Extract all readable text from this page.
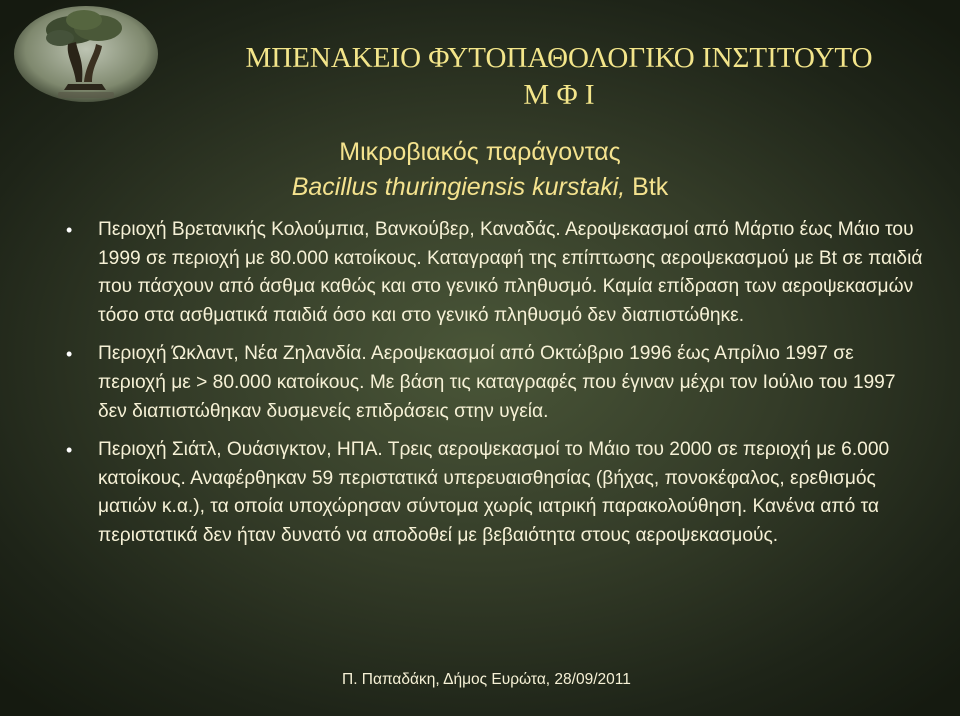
ΜΠΕΝΑΚΕΙΟ ΦΥΤΟΠΑΘΟΛΟΓΙΚΟ ΙΝΣΤΙΤΟΥΤΟ
Μ Φ Ι
Μικροβιακός παράγοντας
Bacillus thuringiensis kurstaki, Btk
• Περιοχή Βρετανικής Κολούμπια, Βανκούβερ, Καναδάς. Αεροψεκασμοί από Μάρτιο έως Μάιο του 1999 σε περιοχή με 80.000 κατοίκους. Καταγραφή της επίπτωσης αεροψεκασμού με Bt σε παιδιά που πάσχουν από άσθμα καθώς και στο γενικό πληθυσμό. Καμία επίδραση των αεροψεκασμών τόσο στα ασθματικά παιδιά όσο και στο γενικό πληθυσμό δεν διαπιστώθηκε.
• Περιοχή Ώκλαντ, Νέα Ζηλανδία. Αεροψεκασμοί από Οκτώβριο 1996 έως Απρίλιο 1997 σε περιοχή με > 80.000 κατοίκους. Με βάση τις καταγραφές που έγιναν μέχρι τον Ιούλιο του 1997 δεν διαπιστώθηκαν δυσμενείς επιδράσεις στην υγεία.
• Περιοχή Σιάτλ, Ουάσιγκτον, ΗΠΑ. Τρεις αεροψεκασμοί το Μάιο του 2000 σε περιοχή με 6.000 κατοίκους. Αναφέρθηκαν 59 περιστατικά υπερευαισθησίας (βήχας, πονοκέφαλος, ερεθισμός ματιών κ.α.), τα οποία υποχώρησαν σύντομα χωρίς ιατρική παρακολούθηση. Κανένα από τα περιστατικά δεν ήταν δυνατό να αποδοθεί με βεβαιότητα στους αεροψεκασμούς.
Π. Παπαδάκη, Δήμος Ευρώτα, 28/09/2011
